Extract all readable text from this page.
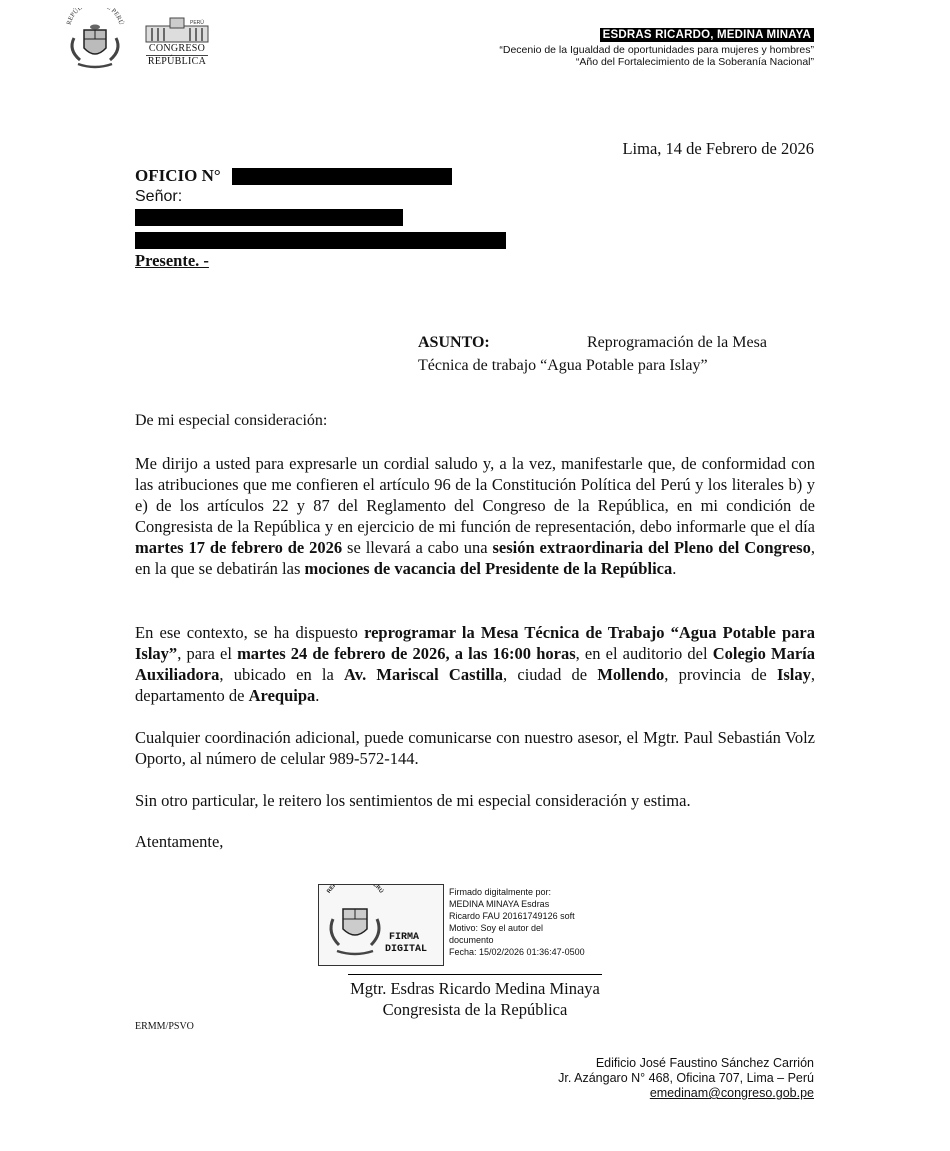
REPÚB PERÚ	PERÚ
CONGRESO
REPÚBLICA
ESDRAS RICARDO, MEDINA MINAYA
“Decenio de la Igualdad de oportunidades para mujeres y hombres”
“Año del Fortalecimiento de la Soberanía Nacional”
Lima, 14 de Febrero de 2026
OFICIO N°
Señor:
Presente. -
ASUNTO:	Reprogramación de la Mesa
Técnica de trabajo “Agua Potable para Islay”
De mi especial consideración:
Me dirijo a usted para expresarle un cordial saludo y, a la vez, manifestarle que, de conformidad con las atribuciones que me confieren el artículo 96 de la Constitución Política del Perú y los literales b) y e) de los artículos 22 y 87 del Reglamento del Congreso de la República, en mi condición de Congresista de la República y en ejercicio de mi función de representación, debo informarle que el día martes 17 de febrero de 2026 se llevará a cabo una sesión extraordinaria del Pleno del Congreso, en la que se debatirán las mociones de vacancia del Presidente de la República.
En ese contexto, se ha dispuesto reprogramar la Mesa Técnica de Trabajo “Agua Potable para Islay”, para el martes 24 de febrero de 2026, a las 16:00 horas, en el auditorio del Colegio María Auxiliadora, ubicado en la Av. Mariscal Castilla, ciudad de Mollendo, provincia de Islay, departamento de Arequipa.
Cualquier coordinación adicional, puede comunicarse con nuestro asesor, el Mgtr. Paul Sebastián Volz Oporto, al número de celular 989-572-144.
Sin otro particular, le reitero los sentimientos de mi especial consideración y estima.
Atentamente,
REP ERÚ
FIRMA
DIGITAL
Firmado digitalmente por:
MEDINA MINAYA Esdras
Ricardo FAU 20161749126 soft
Motivo: Soy el autor del
documento
Fecha: 15/02/2026 01:36:47-0500
Mgtr. Esdras Ricardo Medina Minaya
Congresista de la República
ERMM/PSVO
Edificio José Faustino Sánchez Carrión
Jr. Azángaro N° 468, Oficina 707, Lima – Perú
emedinam@congreso.gob.pe
